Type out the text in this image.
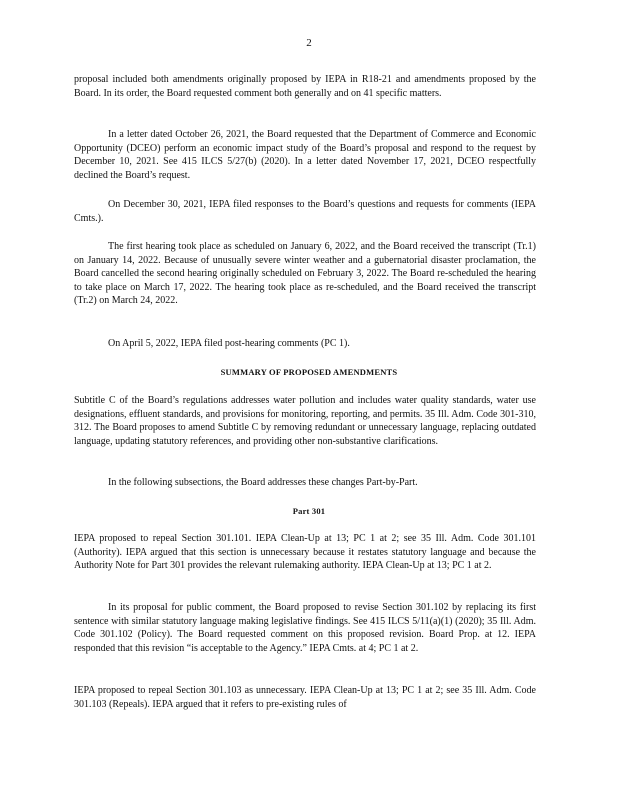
2

proposal included both amendments originally proposed by IEPA in R18-21 and amendments proposed by the Board. In its order, the Board requested comment both generally and on 41 specific matters.

In a letter dated October 26, 2021, the Board requested that the Department of Commerce and Economic Opportunity (DCEO) perform an economic impact study of the Board’s proposal and respond to the request by December 10, 2021. See 415 ILCS 5/27(b) (2020). In a letter dated November 17, 2021, DCEO respectfully declined the Board’s request.

On December 30, 2021, IEPA filed responses to the Board’s questions and requests for comments (IEPA Cmts.).

The first hearing took place as scheduled on January 6, 2022, and the Board received the transcript (Tr.1) on January 14, 2022. Because of unusually severe winter weather and a gubernatorial disaster proclamation, the Board cancelled the second hearing originally scheduled on February 3, 2022. The Board re-scheduled the hearing to take place on March 17, 2022. The hearing took place as re-scheduled, and the Board received the transcript (Tr.2) on March 24, 2022.

On April 5, 2022, IEPA filed post-hearing comments (PC 1).

SUMMARY OF PROPOSED AMENDMENTS

Subtitle C of the Board’s regulations addresses water pollution and includes water quality standards, water use designations, effluent standards, and provisions for monitoring, reporting, and permits. 35 Ill. Adm. Code 301-310, 312. The Board proposes to amend Subtitle C by removing redundant or unnecessary language, replacing outdated language, updating statutory references, and providing other non-substantive clarifications.

In the following subsections, the Board addresses these changes Part-by-Part.

Part 301

IEPA proposed to repeal Section 301.101. IEPA Clean-Up at 13; PC 1 at 2; see 35 Ill. Adm. Code 301.101 (Authority). IEPA argued that this section is unnecessary because it restates statutory language and because the Authority Note for Part 301 provides the relevant rulemaking authority. IEPA Clean-Up at 13; PC 1 at 2.

In its proposal for public comment, the Board proposed to revise Section 301.102 by replacing its first sentence with similar statutory language making legislative findings. See 415 ILCS 5/11(a)(1) (2020); 35 Ill. Adm. Code 301.102 (Policy). The Board requested comment on this proposed revision. Board Prop. at 12. IEPA responded that this revision “is acceptable to the Agency.” IEPA Cmts. at 4; PC 1 at 2.

IEPA proposed to repeal Section 301.103 as unnecessary. IEPA Clean-Up at 13; PC 1 at 2; see 35 Ill. Adm. Code 301.103 (Repeals). IEPA argued that it refers to pre-existing rules of
